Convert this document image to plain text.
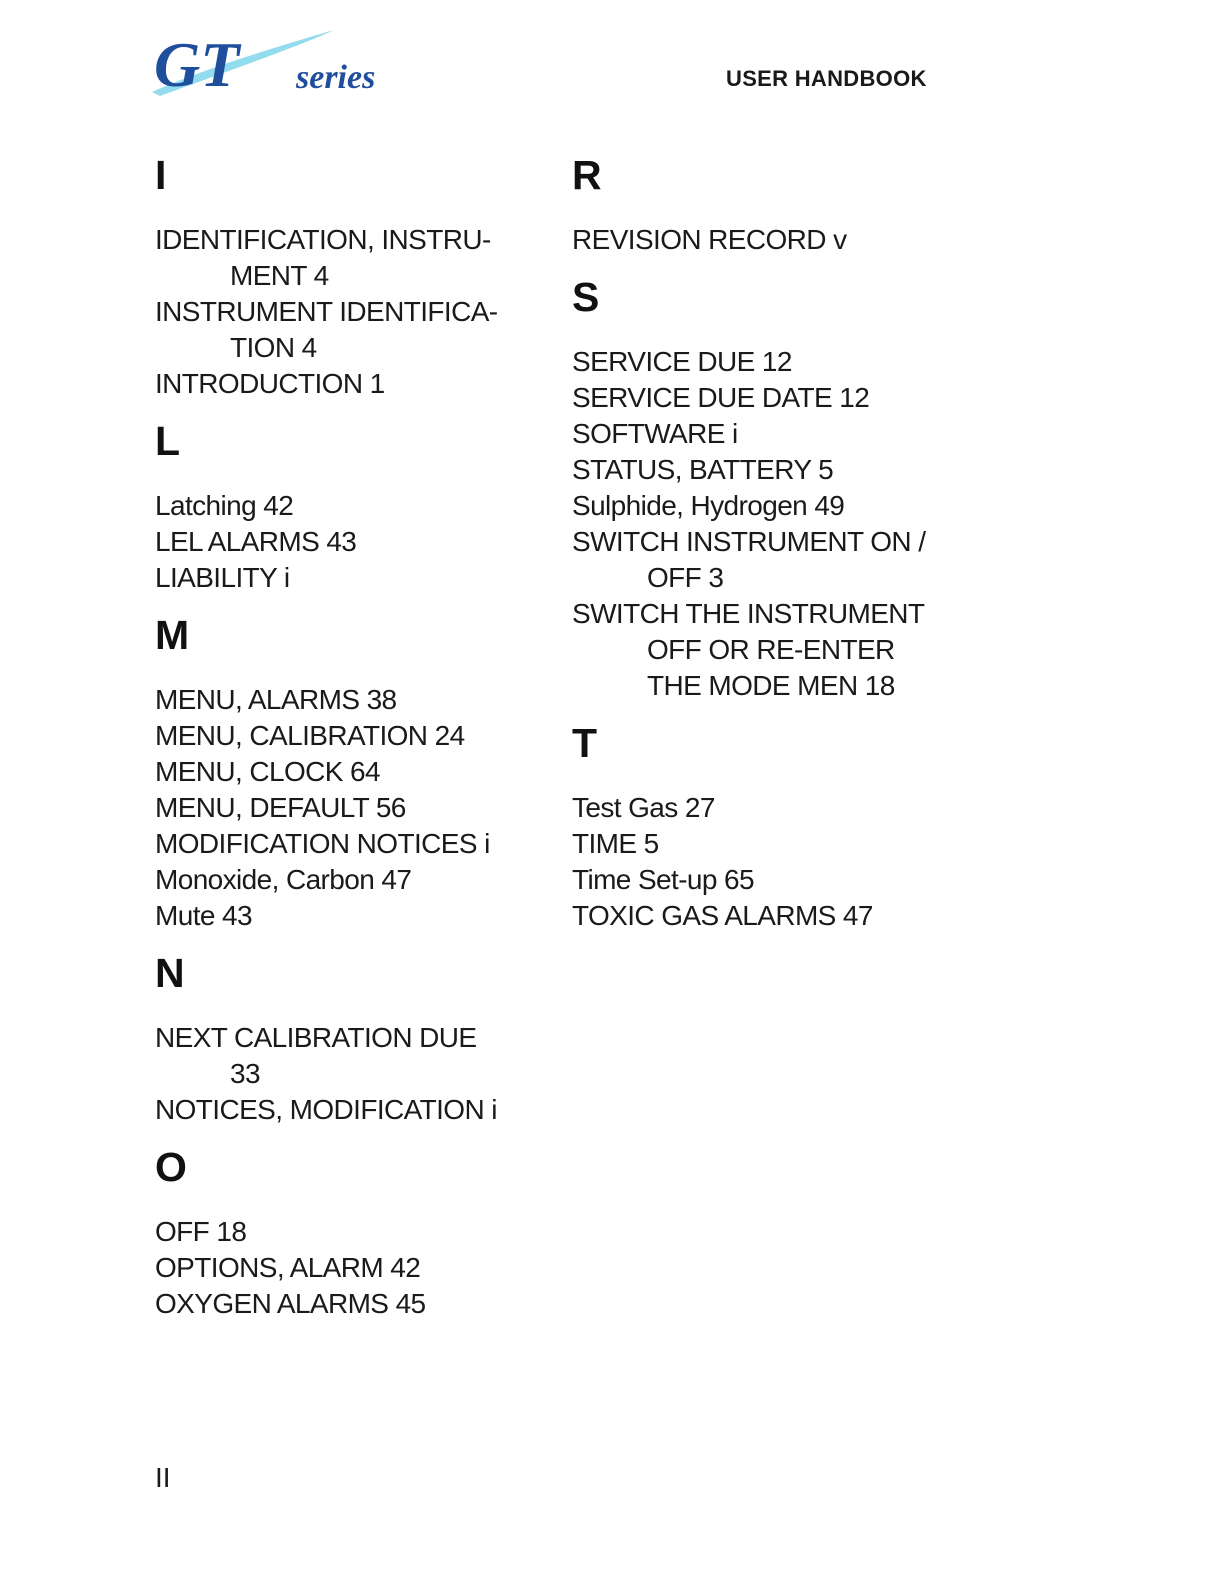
GT series	USER HANDBOOK
I
IDENTIFICATION, INSTRU-
MENT 4
INSTRUMENT IDENTIFICA-
TION 4
INTRODUCTION 1
L
Latching 42
LEL ALARMS 43
LIABILITY i
M
MENU, ALARMS 38
MENU, CALIBRATION 24
MENU, CLOCK 64
MENU, DEFAULT 56
MODIFICATION NOTICES i
Monoxide, Carbon 47
Mute 43
N
NEXT CALIBRATION DUE
33
NOTICES, MODIFICATION i
O
OFF 18
OPTIONS, ALARM 42
OXYGEN ALARMS 45
R
REVISION RECORD v
S
SERVICE DUE 12
SERVICE DUE DATE 12
SOFTWARE i
STATUS, BATTERY 5
Sulphide, Hydrogen 49
SWITCH INSTRUMENT ON /
OFF 3
SWITCH THE INSTRUMENT
OFF OR RE-ENTER
THE MODE MEN 18
T
Test Gas 27
TIME 5
Time Set-up 65
TOXIC GAS ALARMS 47
II
